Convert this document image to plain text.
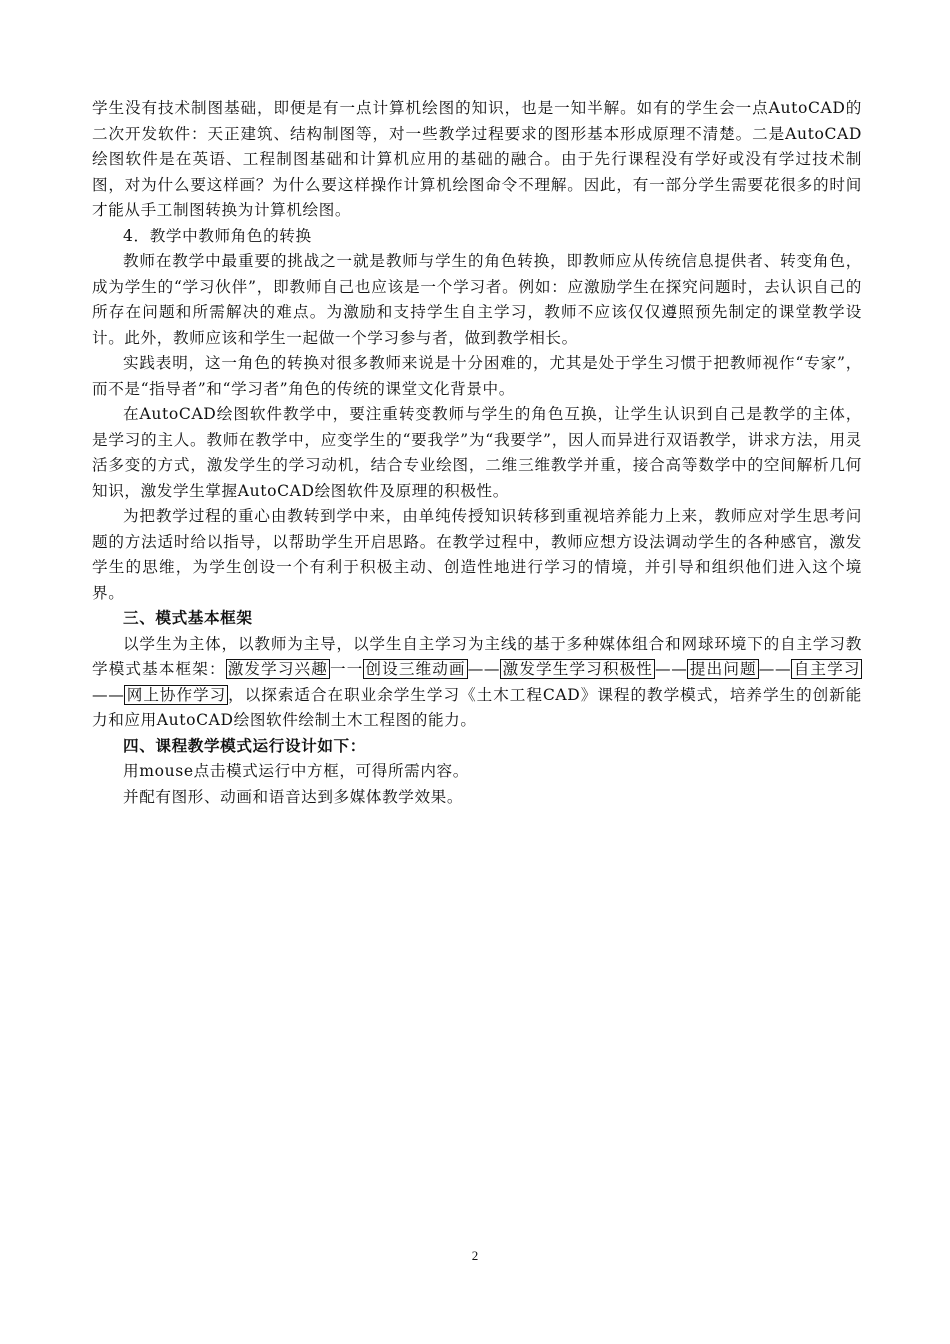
学生没有技术制图基础，即便是有一点计算机绘图的知识，也是一知半解。如有的学生会一点AutoCAD的二次开发软件：天正建筑、结构制图等，对一些教学过程要求的图形基本形成原理不清楚。二是AutoCAD绘图软件是在英语、工程制图基础和计算机应用的基础的融合。由于先行课程没有学好或没有学过技术制图，对为什么要这样画？为什么要这样操作计算机绘图命令不理解。因此，有一部分学生需要花很多的时间才能从手工制图转换为计算机绘图。

4．教学中教师角色的转换

教师在教学中最重要的挑战之一就是教师与学生的角色转换，即教师应从传统信息提供者、转变角色，成为学生的“学习伙伴”，即教师自己也应该是一个学习者。例如：应激励学生在探究问题时，去认识自己的所存在问题和所需解决的难点。为激励和支持学生自主学习，教师不应该仅仅遵照预先制定的课堂教学设计。此外，教师应该和学生一起做一个学习参与者，做到教学相长。

实践表明，这一角色的转换对很多教师来说是十分困难的，尤其是处于学生习惯于把教师视作“专家”，而不是“指导者”和“学习者”角色的传统的课堂文化背景中。

在AutoCAD绘图软件教学中，要注重转变教师与学生的角色互换，让学生认识到自己是教学的主体，是学习的主人。教师在教学中，应变学生的“要我学”为“我要学”，因人而异进行双语教学，讲求方法，用灵活多变的方式，激发学生的学习动机，结合专业绘图，二维三维教学并重，接合高等数学中的空间解析几何知识，激发学生掌握AutoCAD绘图软件及原理的积极性。

为把教学过程的重心由教转到学中来，由单纯传授知识转移到重视培养能力上来，教师应对学生思考问题的方法适时给以指导，以帮助学生开启思路。在教学过程中，教师应想方设法调动学生的各种感官，激发学生的思维，为学生创设一个有利于积极主动、创造性地进行学习的情境，并引导和组织他们进入这个境界。

三、模式基本框架

以学生为主体，以教师为主导，以学生自主学习为主线的基于多种媒体组合和网球环境下的自主学习教学模式基本框架： 激发学习兴趣 一一 创设三维动画 —— 激发学生学习积极性 —— 提出问题 —— 自主学习—— 网上协作学习 ，以探索适合在职业余学生学习《土木工程CAD》课程的教学模式，培养学生的创新能力和应用AutoCAD绘图软件绘制土木工程图的能力。

四、课程教学模式运行设计如下：

用mouse点击模式运行中方框，可得所需内容。

并配有图形、动画和语音达到多媒体教学效果。

2
